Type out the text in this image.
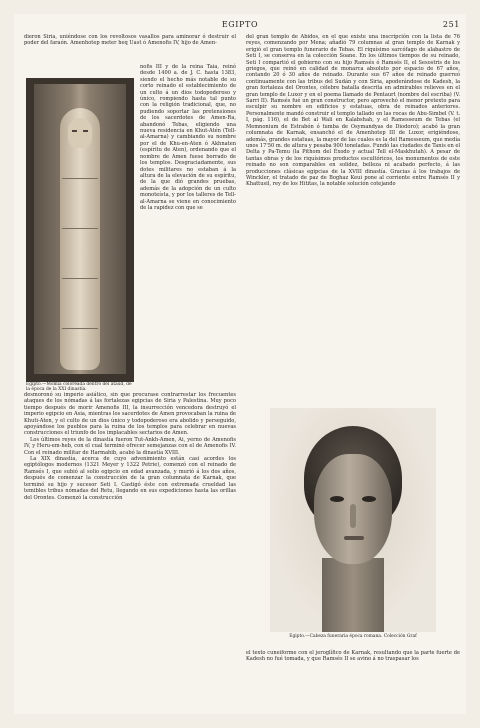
EGIPTO	251

dieron Siria, uniéndose con los revoltosos vasallos para aminorar ó destruir el poder del faraón. Amenhotep meter heq Uast ó Amenofis IV, hijo de Amen-

Egipto.—Momia coloreada dentro del ataúd, de la época de la XXI dinastía.

nofis III y de la reina Taia, reinó desde 1400 a. de J. C. hasta 1383, siendo el hecho más notable de su corto reinado el establecimiento de un culto á un dios todopoderoso y único, rompiendo hasta tal punto con la religión tradicional, que, no pudiendo soportar las pretensiones de los sacerdotes de Amen-Ra, abandonó Tebas, eligiendo una nueva residencia en Khut-Atén (Tell-al-Amarna) y cambiando su nombre por el de Khu-en-Aten ó Akhnaten (espíritu de Aten), ordenando que el nombre de Amen fuese borrado de los templos. Desgraciadamente, sus dotes militares no estaban á la altura de la elevación de su espíritu, de la que dió grandes pruebas, además de la adopción de un culto monoteísta, y por los talleres de Tell-al-Amarna se viene en conocimiento de la rapidez con que se

desmoronó su imperio asiático, sin que procurase contrarrestar los frecuentes ataques de los nómadas á las fortalezas egipcias de Siria y Palestina. Muy poco tiempo después de morir Amenofis III, la insurrección vencedora destruyó el imperio egipcio en Asia, mientras los sacerdotes de Amen provocaban la ruina de Khuti-Aten, y el culto de un dios único y todopoderoso era abolido y perseguido, apoyándose los pueblos para la ruina de los templos para celebrar en nuevas construcciones el triunfo de los implacables sectarios de Amen.

Los últimos reyes de la dinastía fueron Tut-Ankh-Amen, Ai, yerno de Amenofis IV, y Heru-em-heb, con el cual terminó ofrecer semejanzas con el de Amenofis IV. Con el reinado militar de Harmahib, acabó la dinastía XVIII.

La XIX dinastía, acerca de cuyo advenimiento están casi acordes los egiptólogos modernos (1321 Meyer y 1322 Petrie), comenzó con el reinado de Ramsés I, que subió al solio egipcio en edad avanzada, y murió á los dos años, después de comenzar la construcción de la gran columnata de Karnak, que terminó su hijo y sucesor Seti I. Castigó éste con extremada crueldad las temibles tribus nómadas del Retu, llegando en sus expediciones hasta las orillas del Orontes. Comenzó la construcción

del gran templo de Abidos, en el que existe una inscripción con la lista de 76 reyes, comenzando por Mena; añadió 79 columnas al gran templo de Karnak y erigió el gran templo funerario de Tebas. El riquísimo sarcófago de alabastro de Seti I, se conserva en la colección Soane. En los últimos tiempos de su reinado, Seti I compartió el gobierno con su hijo Ramsés ó Ramsés II, el Sesostris de los griegos, que reinó en calidad de monarca absoluto por espacio de 67 años, contando 20 ó 30 años de reinado. Durante sus 67 años de reinado guerreó continuamente con las tribus del Sudán y con Siria, apoderándose de Kadesh, la gran fortaleza del Orontes, célebre batalla descrita en admirables relieves en el gran templo de Luxor y en el poema llamado de Pentaurt (nombre del escriba) (V. Sarri II). Ramsés fué un gran constructor, pero aprovechó el menor pretexto para esculpir su nombre en edificios y estatuas, obra de reinados anteriores. Personalmente mandó construir el templo tallado en las rocas de Abu-Simbel (V. t. I, pág. 116), el de Bet al Wali en Kalabshah, y el Ramesseum de Tebas (el Memnonium de Estrabón ó tumba de Osymandyas de Diodoro); acabó la gran columnata de Karnak, ensanchó el de Amenhotep III de Luxor, erigiéndose, además, grandes estatuas, la mayor de las cuales es la del Ramesseum, que medía unos 17'50 m. de altura y pesaba 900 toneladas. Fundó las ciudades de Tanis en el Delta y Pa-Temu (la Pithom del Éxodo y actual Tell el-Maskhutah). A pesar de tantas obras y de los riquísimos productos escultóricos, los monumentos de este reinado no son comparables en solidez, belleza ni acabado perfecto, á las producciones clásicas egipcias de la XVIII dinastía. Gracias á los trabajos de Winckler, el tratado de paz de Boghaz Keui pone al corriente entre Ramsés II y Khattusil, rey de los Hititas, la notable solución cotejando

Egipto.—Cabeza funeraria época romana. Colección Graf

el texto cuneiforme con el jeroglífico de Karnak, resultando que la parte fuerte de Kadesh no fué tomada, y que Ramsés II se avino á no traspasar los
